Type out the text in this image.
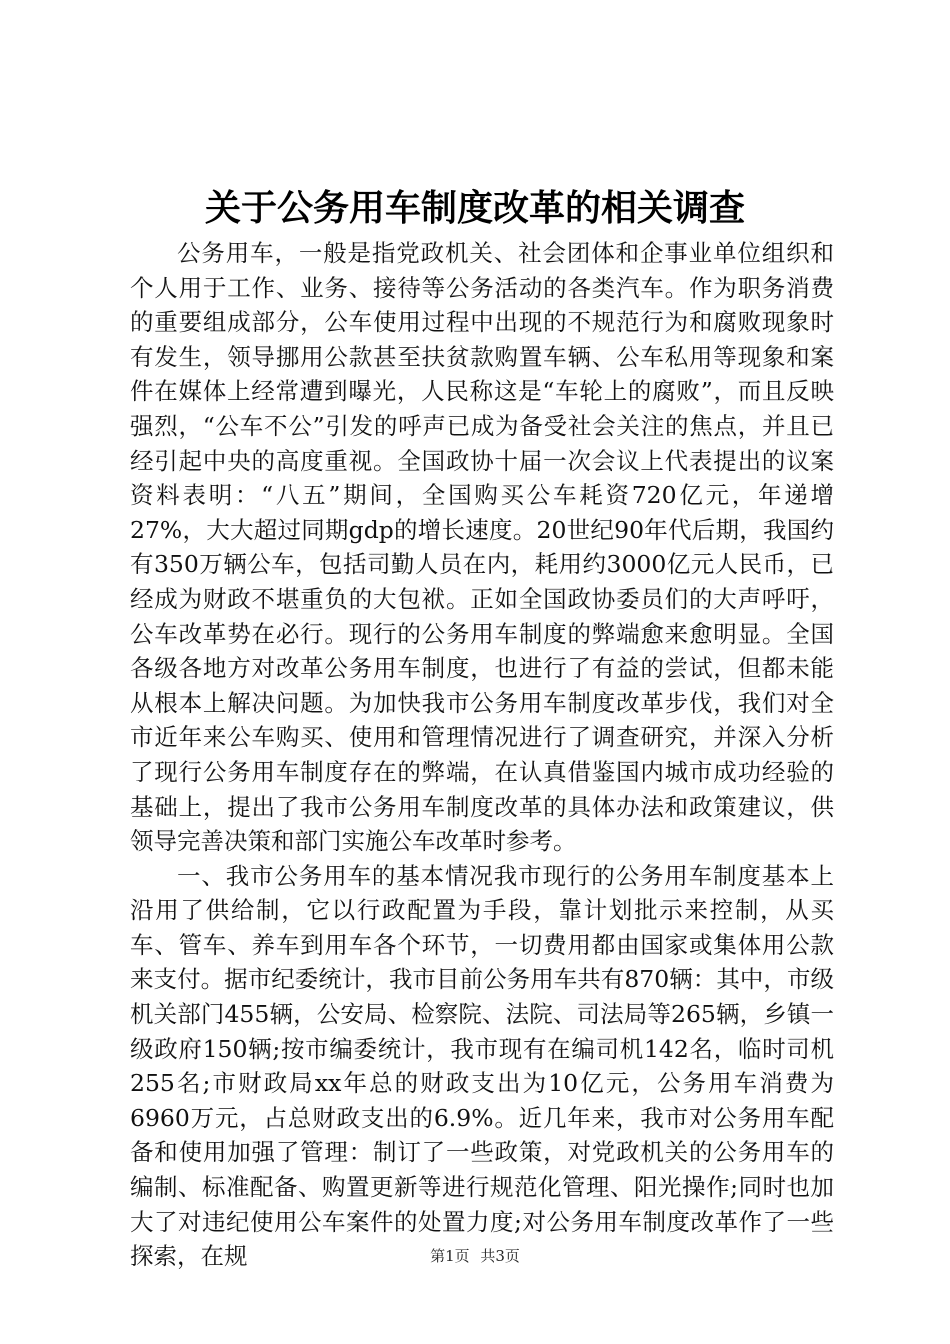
关于公务用车制度改革的相关调查

公务用车，一般是指党政机关、社会团体和企事业单位组织和个人用于工作、业务、接待等公务活动的各类汽车。作为职务消费的重要组成部分，公车使用过程中出现的不规范行为和腐败现象时有发生，领导挪用公款甚至扶贫款购置车辆、公车私用等现象和案件在媒体上经常遭到曝光，人民称这是“车轮上的腐败”，而且反映强烈，“公车不公”引发的呼声已成为备受社会关注的焦点，并且已经引起中央的高度重视。全国政协十届一次会议上代表提出的议案资料表明：“八五”期间，全国购买公车耗资720亿元，年递增27%，大大超过同期gdp的增长速度。20世纪90年代后期，我国约有350万辆公车，包括司勤人员在内，耗用约3000亿元人民币，已经成为财政不堪重负的大包袱。正如全国政协委员们的大声呼吁，公车改革势在必行。现行的公务用车制度的弊端愈来愈明显。全国各级各地方对改革公务用车制度，也进行了有益的尝试，但都未能从根本上解决问题。为加快我市公务用车制度改革步伐，我们对全市近年来公车购买、使用和管理情况进行了调查研究，并深入分析了现行公务用车制度存在的弊端，在认真借鉴国内城市成功经验的基础上，提出了我市公务用车制度改革的具体办法和政策建议，供领导完善决策和部门实施公车改革时参考。

一、我市公务用车的基本情况我市现行的公务用车制度基本上沿用了供给制，它以行政配置为手段，靠计划批示来控制，从买车、管车、养车到用车各个环节，一切费用都由国家或集体用公款来支付。据市纪委统计，我市目前公务用车共有870辆：其中，市级机关部门455辆，公安局、检察院、法院、司法局等265辆，乡镇一级政府150辆;按市编委统计，我市现有在编司机142名，临时司机255名;市财政局xx年总的财政支出为10亿元，公务用车消费为6960万元，占总财政支出的6.9%。近几年来，我市对公务用车配备和使用加强了管理：制订了一些政策，对党政机关的公务用车的编制、标准配备、购置更新等进行规范化管理、阳光操作;同时也加大了对违纪使用公车案件的处置力度;对公务用车制度改革作了一些探索，在规	第1页 共3页
